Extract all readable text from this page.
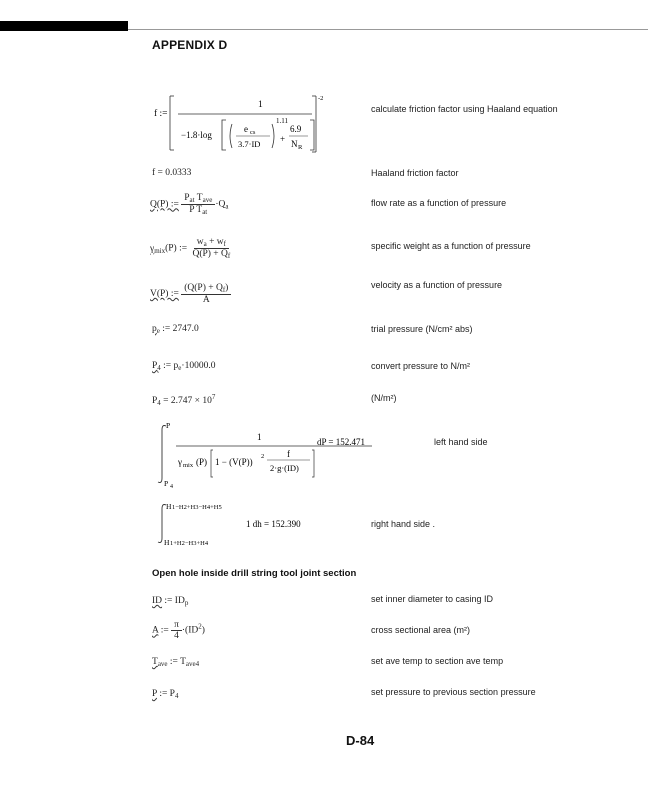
APPENDIX D
f :=
1
−1.8·log
e cs
3.7·ID
1.11
+
6.9
N R
-2
calculate friction factor using Haaland equation
f = 0.0333	Haaland friction factor
Q(P) := $\frac{P_{at} T_{ave}}{P T_{at}} \cdot Q_a$	flow rate as a function of pressure
$\gamma_{mix}(P)$ := $\frac{w_a + w_f}{Q(P) + Q_f}$	specific weight as a function of pressure
V(P) := $\frac{(Q(P) + Q_f)}{A}$	velocity as a function of pressure
$p_e$ := 2747.0	trial pressure (N/cm² abs)
$P_4$ := $p_e\cdot 10000.0$	convert pressure to N/m²
$P_4 = 2.747 \times 10^7$	(N/m²)
P
P 4
1
γ mix (P) 1 − (V(P))
2	f
2·g·(ID)
dP = 152.471	left hand side
H 1−H2+H3−H4+H5
H 1+H2−H3+H4
1 dh = 152.390	right hand side .
Open hole inside drill string tool joint section
ID := $ID_p$	set inner diameter to casing ID
A := $\frac{\pi}{4} \cdot(ID^2)$	cross sectional area (m²)
$T_{ave}$ := $T_{ave4}$	set ave temp to section ave temp
P := $P_4$	set pressure to previous section pressure
D-84
